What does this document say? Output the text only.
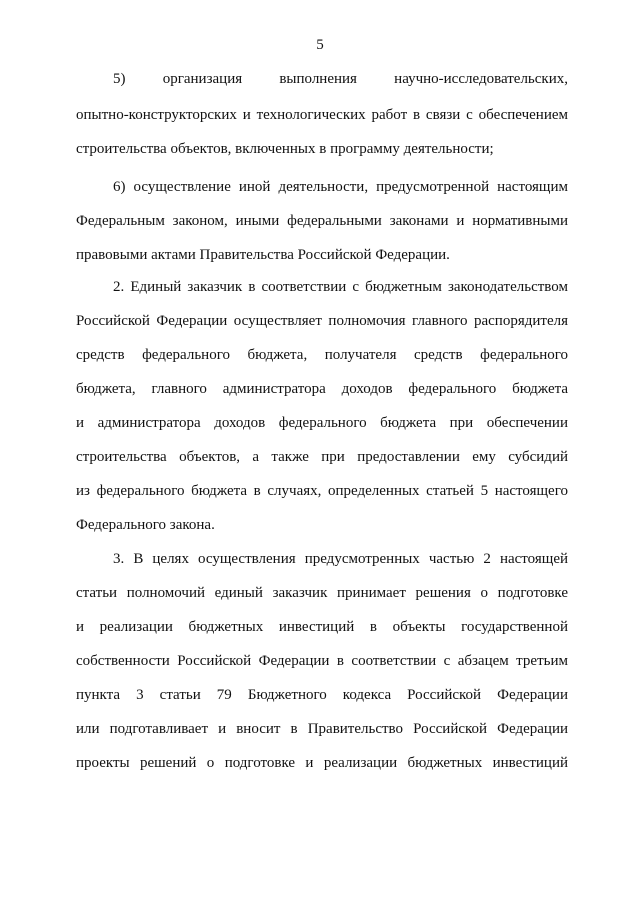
5
5) организация выполнения научно-исследовательских,
опытно-конструкторских и технологических работ в связи с обеспечением
строительства объектов, включенных в программу деятельности;
6) осуществление иной деятельности, предусмотренной настоящим
Федеральным законом, иными федеральными законами и нормативными
правовыми актами Правительства Российской Федерации.
2. Единый заказчик в соответствии с бюджетным законодательством
Российской Федерации осуществляет полномочия главного распорядителя
средств федерального бюджета, получателя средств федерального
бюджета, главного администратора доходов федерального бюджета
и администратора доходов федерального бюджета при обеспечении
строительства объектов, а также при предоставлении ему субсидий
из федерального бюджета в случаях, определенных статьей 5 настоящего
Федерального закона.
3. В целях осуществления предусмотренных частью 2 настоящей
статьи полномочий единый заказчик принимает решения о подготовке
и реализации бюджетных инвестиций в объекты государственной
собственности Российской Федерации в соответствии с абзацем третьим
пункта 3 статьи 79 Бюджетного кодекса Российской Федерации
или подготавливает и вносит в Правительство Российской Федерации
проекты решений о подготовке и реализации бюджетных инвестиций
